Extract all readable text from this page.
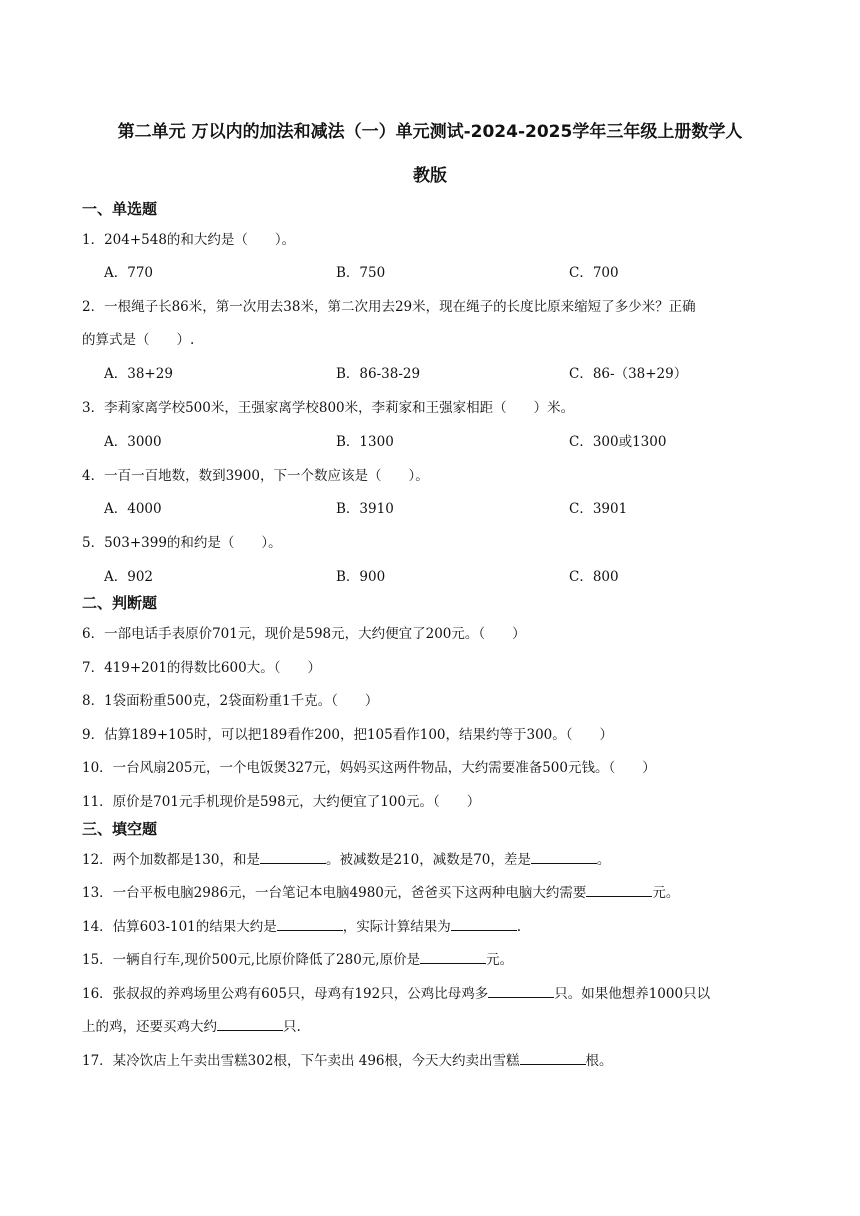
第二单元 万以内的加法和减法（一）单元测试-2024-2025学年三年级上册数学人
教版
一、单选题
1．204+548的和大约是（　　）。
A．770	B．750	C．700
2．一根绳子长86米，第一次用去38米，第二次用去29米，现在绳子的长度比原来缩短了多少米？正确
的算式是（　　）.
A．38+29	B．86-38-29	C．86-（38+29）
3．李莉家离学校500米，王强家离学校800米，李莉家和王强家相距（　　）米。
A．3000	B．1300	C．300或1300
4．一百一百地数，数到3900，下一个数应该是（　　）。
A．4000	B．3910	C．3901
5．503+399的和约是（　　）。
A．902	B．900	C．800
二、判断题
6．一部电话手表原价701元，现价是598元，大约便宜了200元。（　　）
7．419+201的得数比600大。（　　）
8．1袋面粉重500克，2袋面粉重1千克。（　　）
9．估算189+105时，可以把189看作200，把105看作100，结果约等于300。（　　）
10．一台风扇205元，一个电饭煲327元，妈妈买这两件物品，大约需要准备500元钱。（　　）
11．原价是701元手机现价是598元，大约便宜了100元。（　　）
三、填空题
12．两个加数都是130，和是	。被减数是210，减数是70，差是	。
13．一台平板电脑2986元，一台笔记本电脑4980元，爸爸买下这两种电脑大约需要	元。
14．估算603-101的结果大约是	，实际计算结果为	.
15．一辆自行车,现价500元,比原价降低了280元,原价是	元。
16．张叔叔的养鸡场里公鸡有605只，母鸡有192只，公鸡比母鸡多	只。如果他想养1000只以
上的鸡，还要买鸡大约	只.
17．某冷饮店上午卖出雪糕302根，下午卖出 496根，今天大约卖出雪糕	根。
